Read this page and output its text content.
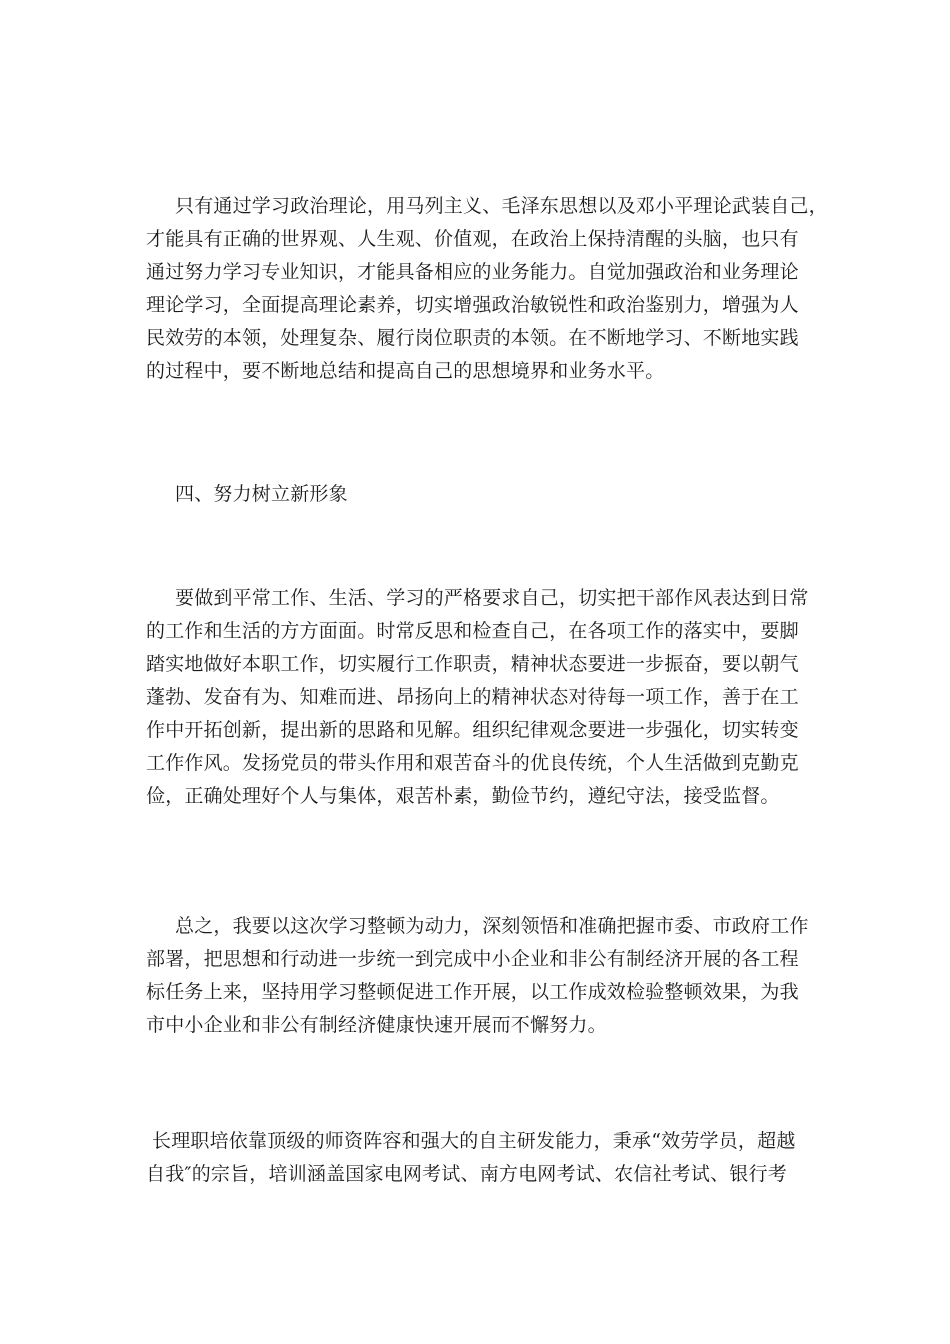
只有通过学习政治理论，用马列主义、毛泽东思想以及邓小平理论武装自己，
才能具有正确的世界观、人生观、价值观，在政治上保持清醒的头脑，也只有
通过努力学习专业知识，才能具备相应的业务能力。自觉加强政治和业务理论
理论学习，全面提高理论素养，切实增强政治敏锐性和政治鉴别力，增强为人
民效劳的本领，处理复杂、履行岗位职责的本领。在不断地学习、不断地实践
的过程中，要不断地总结和提高自己的思想境界和业务水平。
四、努力树立新形象
要做到平常工作、生活、学习的严格要求自己，切实把干部作风表达到日常
的工作和生活的方方面面。时常反思和检查自己，在各项工作的落实中，要脚
踏实地做好本职工作，切实履行工作职责，精神状态要进一步振奋，要以朝气
蓬勃、发奋有为、知难而进、昂扬向上的精神状态对待每一项工作，善于在工
作中开拓创新，提出新的思路和见解。组织纪律观念要进一步强化，切实转变
工作作风。发扬党员的带头作用和艰苦奋斗的优良传统，个人生活做到克勤克
俭，正确处理好个人与集体，艰苦朴素，勤俭节约，遵纪守法，接受监督。
总之，我要以这次学习整顿为动力，深刻领悟和准确把握市委、市政府工作
部署，把思想和行动进一步统一到完成中小企业和非公有制经济开展的各工程
标任务上来，坚持用学习整顿促进工作开展，以工作成效检验整顿效果，为我
市中小企业和非公有制经济健康快速开展而不懈努力。
长理职培依靠顶级的师资阵容和强大的自主研发能力，秉承“效劳学员，超越
自我″的宗旨，培训涵盖国家电网考试、南方电网考试、农信社考试、银行考
